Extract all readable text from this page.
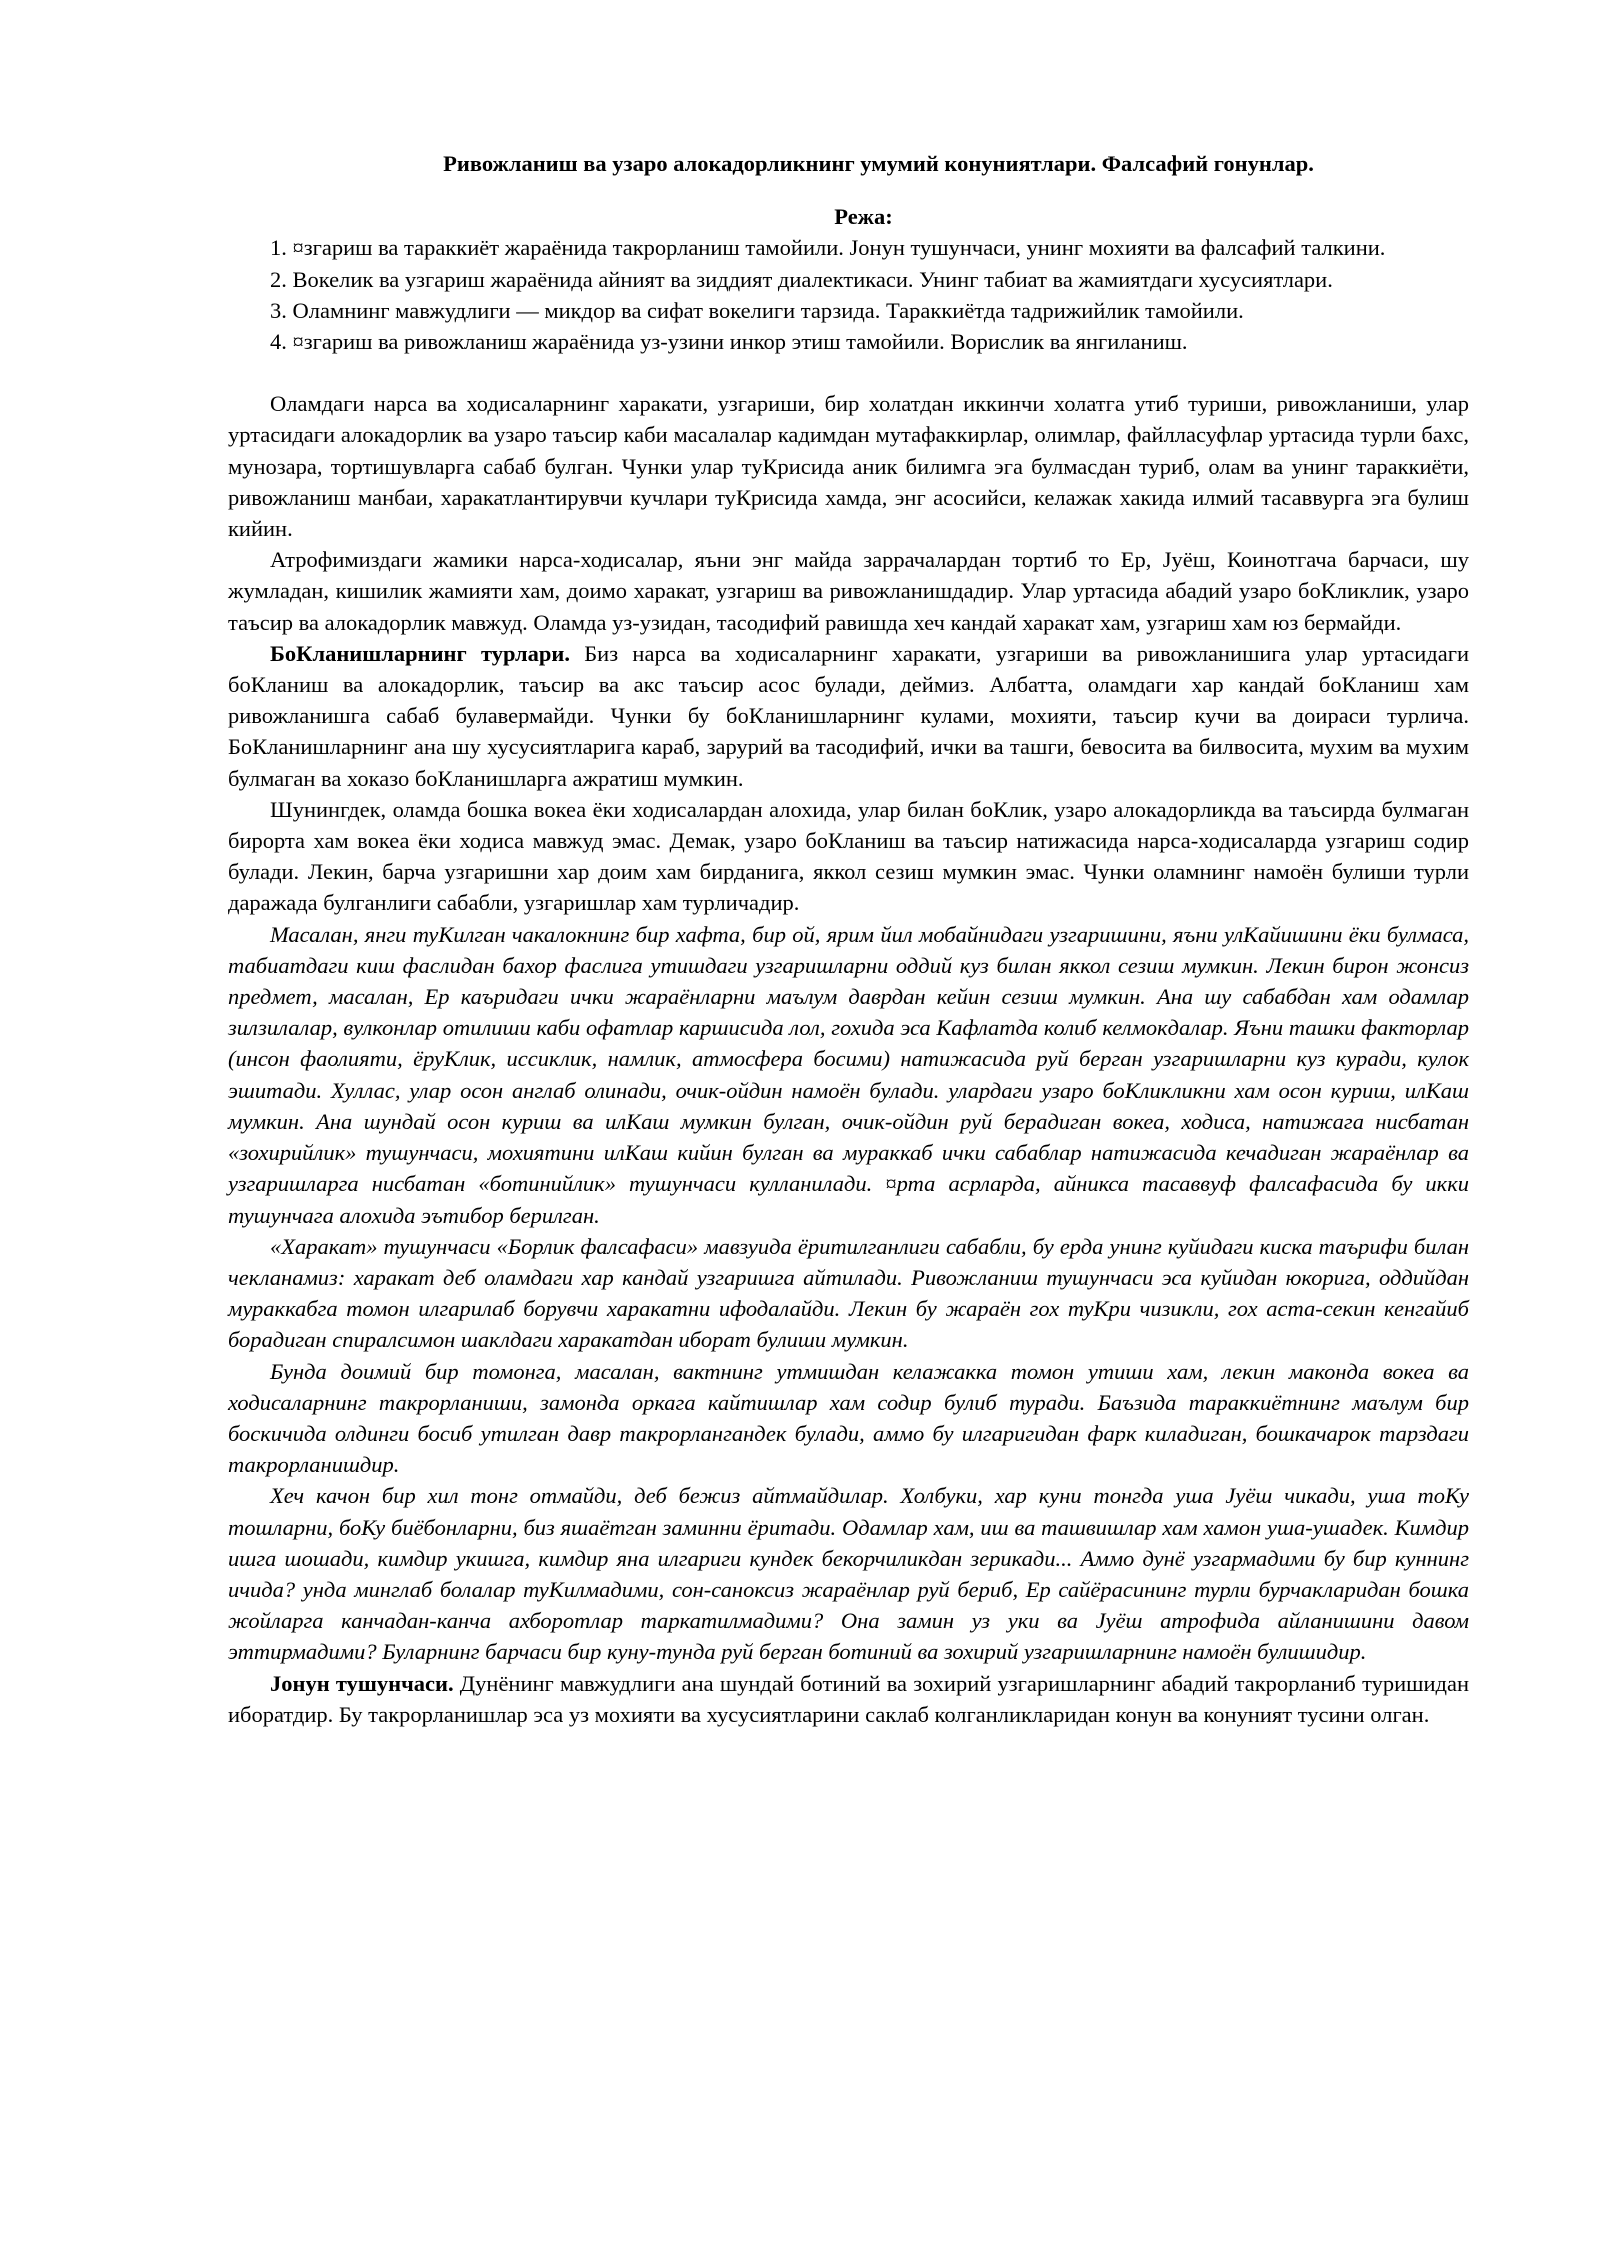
Ривожланиш ва узаро алокадорликнинг умумий конуниятлари. Фалсафий гонунлар.

Режа:

1. ¤згариш ва тараккиёт жараёнида такрорланиш тамойили. Јонун тушунчаси, унинг мохияти ва фалсафий талкини.

2. Вокелик ва узгариш жараёнида айният ва зиддият диалектикаси. Унинг табиат ва жамиятдаги хусусиятлари.

3. Оламнинг мавжудлиги — микдор ва сифат вокелиги тарзида. Тараккиётда тадрижийлик тамойили.

4. ¤згариш ва ривожланиш жараёнида уз-узини инкор этиш тамойили. Ворислик ва янгиланиш.

Оламдаги нарса ва ходисаларнинг харакати, узгариши, бир холатдан иккинчи холатга утиб туриши, ривожланиши, улар уртасидаги алокадорлик ва узаро таъсир каби масалалар кадимдан мутафаккирлар, олимлар, файлласуфлар уртасида турли бахс, мунозара, тортишувларга сабаб булган. Чунки улар туКрисида аник билимга эга булмасдан туриб, олам ва унинг тараккиёти, ривожланиш манбаи, харакатлантирувчи кучлари туКрисида хамда, энг асосийси, келажак хакида илмий тасаввурга эга булиш кийин.

Атрофимиздаги жамики нарса-ходисалар, яъни энг майда заррачалардан тортиб то Ер, Јуёш, Коинотгача барчаси, шу жумладан, кишилик жамияти хам, доимо харакат, узгариш ва ривожланишдадир. Улар уртасида абадий узаро боКликлик, узаро таъсир ва алокадорлик мавжуд. Оламда уз-узидан, тасодифий равишда хеч кандай харакат хам, узгариш хам юз бермайди.

БоКланишларнинг турлари. Биз нарса ва ходисаларнинг харакати, узгариши ва ривожланишига улар уртасидаги боКланиш ва алокадорлик, таъсир ва акс таъсир асос булади, деймиз. Албатта, оламдаги хар кандай боКланиш хам ривожланишга сабаб булавермайди. Чунки бу боКланишларнинг кулами, мохияти, таъсир кучи ва доираси турлича. БоКланишларнинг ана шу хусусиятларига караб, зарурий ва тасодифий, ички ва ташги, бевосита ва билвосита, мухим ва мухим булмаган ва хоказо боКланишларга ажратиш мумкин.

Шунингдек, оламда бошка вокеа ёки ходисалардан алохида, улар билан боКлик, узаро алокадорликда ва таъсирда булмаган бирорта хам вокеа ёки ходиса мавжуд эмас. Демак, узаро боКланиш ва таъсир натижасида нарса-ходисаларда узгариш содир булади. Лекин, барча узгаришни хар доим хам бирданига, яккол сезиш мумкин эмас. Чунки оламнинг намоён булиши турли даражада булганлиги сабабли, узгаришлар хам турличадир.

Масалан, янги туКилган чакалокнинг бир хафта, бир ой, ярим йил мобайнидаги узгаришини, яъни улКайишини ёки булмаса, табиатдаги киш фаслидан бахор фаслига утишдаги узгаришларни оддий куз билан яккол сезиш мумкин. Лекин бирон жонсиз предмет, масалан, Ер каъридаги ички жараёнларни маълум даврдан кейин сезиш мумкин. Ана шу сабабдан хам одамлар зилзилалар, вулконлар отилиши каби офатлар каршисида лол, гохида эса Кафлатда колиб келмокдалар. Яъни ташки факторлар (инсон фаолияти, ёруКлик, иссиклик, намлик, атмосфера босими) натижасида руй берган узгаришларни куз куради, кулок эшитади. Хуллас, улар осон англаб олинади, очик-ойдин намоён булади. улардаги узаро боКликликни хам осон куриш, илКаш мумкин. Ана шундай осон куриш ва илКаш мумкин булган, очик-ойдин руй берадиган вокеа, ходиса, натижага нисбатан «зохирийлик» тушунчаси, мохиятини илКаш кийин булган ва мураккаб ички сабаблар натижасида кечадиган жараёнлар ва узгаришларга нисбатан «ботинийлик» тушунчаси кулланилади. ¤рта асрларда, айникса тасаввуф фалсафасида бу икки тушунчага алохида эътибор берилган.

«Харакат» тушунчаси «Борлик фалсафаси» мавзуида ёритилганлиги сабабли, бу ерда унинг куйидаги киска таърифи билан чекланамиз: харакат деб оламдаги хар кандай узгаришга айтилади. Ривожланиш тушунчаси эса куйидан юкорига, оддийдан мураккабга томон илгарилаб борувчи харакатни ифодалайди. Лекин бу жараён гох туКри чизикли, гох аста-секин кенгайиб борадиган спиралсимон шаклдаги харакатдан иборат булиши мумкин.

Бунда доимий бир томонга, масалан, вактнинг утмишдан келажакка томон утиши хам, лекин маконда вокеа ва ходисаларнинг такрорланиши, замонда оркага кайтишлар хам содир булиб туради. Баъзида тараккиётнинг маълум бир боскичида олдинги босиб утилган давр такрорлангандек булади, аммо бу илгаригидан фарк киладиган, бошкачарок тарздаги такрорланишдир.

Хеч качон бир хил тонг отмайди, деб бежиз айтмайдилар. Холбуки, хар куни тонгда уша Јуёш чикади, уша тоКу тошларни, боКу биёбонларни, биз яшаётган заминни ёритади. Одамлар хам, иш ва ташвишлар хам хамон уша-ушадек. Кимдир ишга шошади, кимдир укишга, кимдир яна илгариги кундек бекорчиликдан зерикади... Аммо дунё узгармадими бу бир куннинг ичида? унда минглаб болалар туКилмадими, сон-саноксиз жараёнлар руй бериб, Ер сайёрасининг турли бурчакларидан бошка жойларга канчадан-канча ахборотлар таркатилмадими? Она замин уз уки ва Јуёш атрофида айланишини давом эттирмадими? Буларнинг барчаси бир куну-тунда руй берган ботиний ва зохирий узгаришларнинг намоён булишидир.

Јонун тушунчаси. Дунёнинг мавжудлиги ана шундай ботиний ва зохирий узгаришларнинг абадий такрорланиб туришидан иборатдир. Бу такрорланишлар эса уз мохияти ва хусусиятларини саклаб колганликларидан конун ва конуният тусини олган.
